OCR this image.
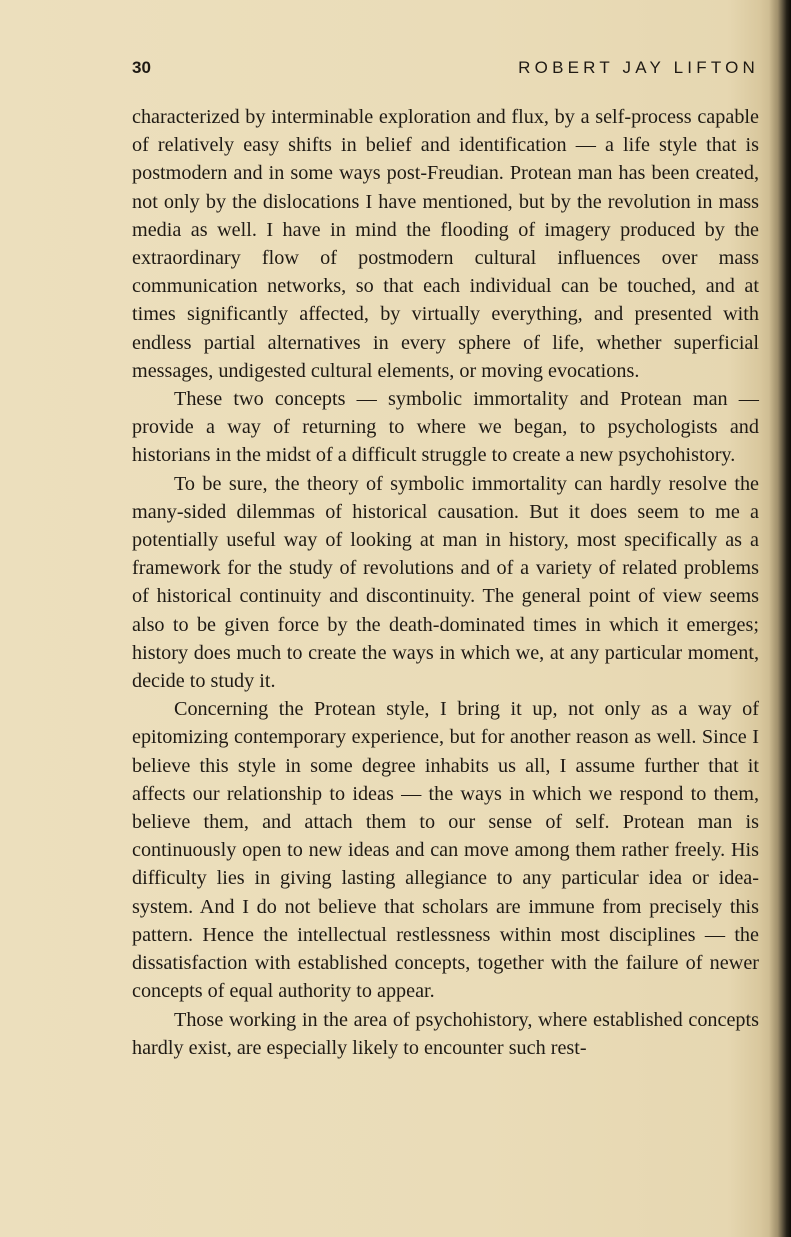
30	ROBERT JAY LIFTON

characterized by interminable exploration and flux, by a self-process capable of relatively easy shifts in belief and identification — a life style that is postmodern and in some ways post-Freudian. Protean man has been created, not only by the dislocations I have mentioned, but by the revolution in mass media as well. I have in mind the flooding of imagery produced by the extraordinary flow of postmodern cultural influences over mass communication networks, so that each individual can be touched, and at times significantly affected, by virtually everything, and presented with endless partial alternatives in every sphere of life, whether superficial messages, undigested cultural elements, or moving evocations.

These two concepts — symbolic immortality and Protean man — provide a way of returning to where we began, to psychologists and historians in the midst of a difficult struggle to create a new psychohistory.

To be sure, the theory of symbolic immortality can hardly resolve the many-sided dilemmas of historical causation. But it does seem to me a potentially useful way of looking at man in history, most specifically as a framework for the study of revolutions and of a variety of related problems of historical continuity and discontinuity. The general point of view seems also to be given force by the death-dominated times in which it emerges; history does much to create the ways in which we, at any particular moment, decide to study it.

Concerning the Protean style, I bring it up, not only as a way of epitomizing contemporary experience, but for another reason as well. Since I believe this style in some degree inhabits us all, I assume further that it affects our relationship to ideas — the ways in which we respond to them, believe them, and attach them to our sense of self. Protean man is continuously open to new ideas and can move among them rather freely. His difficulty lies in giving lasting allegiance to any particular idea or idea-system. And I do not believe that scholars are immune from precisely this pattern. Hence the intellectual restlessness within most disciplines — the dissatisfaction with established concepts, together with the failure of newer concepts of equal authority to appear.

Those working in the area of psychohistory, where established concepts hardly exist, are especially likely to encounter such rest-
